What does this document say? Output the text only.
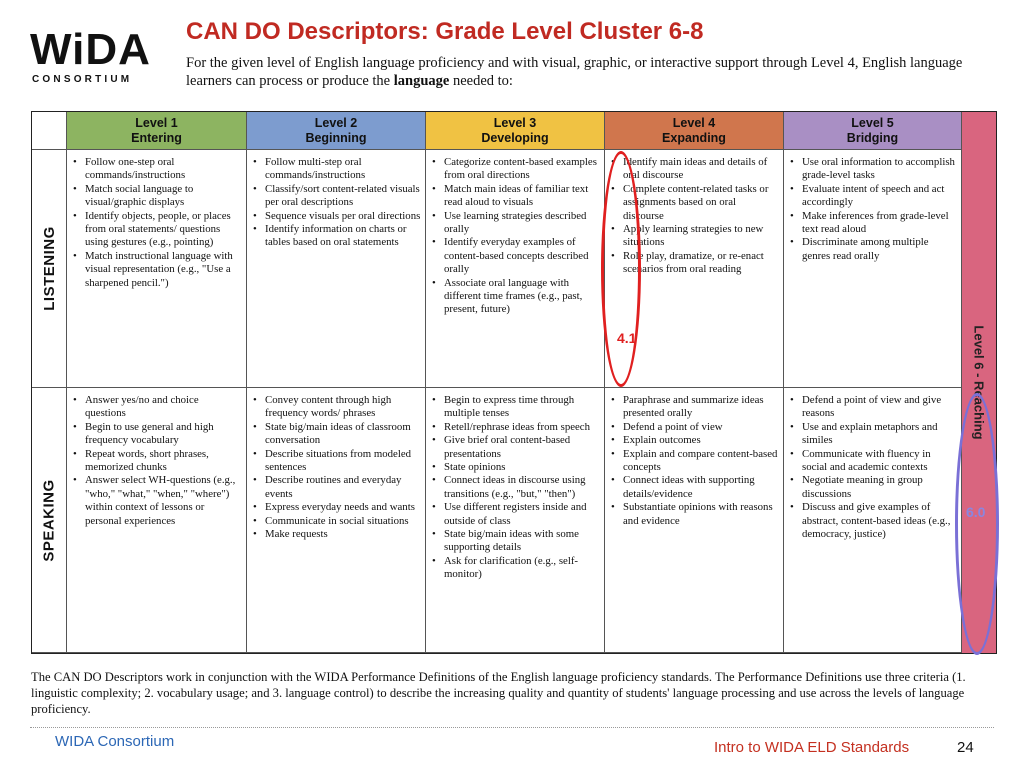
WiDA
CONSORTIUM
CAN DO Descriptors: Grade Level Cluster 6-8
For the given level of English language proficiency and with visual, graphic, or interactive support through Level 4, English language learners can process or produce the language needed to:
Level 6 - Reaching
Level 1
Entering
Level 2
Beginning
Level 3
Developing
Level 4
Expanding
Level 5
Bridging
LISTENING
• Follow one-step oral commands/instructions
• Match social language to visual/graphic displays
• Identify objects, people, or places from oral statements/ questions using gestures (e.g., pointing)
• Match instructional language with visual representation (e.g., "Use a sharpened pencil.")
• Follow multi-step oral commands/instructions
• Classify/sort content-related visuals per oral descriptions
• Sequence visuals per oral directions
• Identify information on charts or tables based on oral statements
• Categorize content-based examples from oral directions
• Match main ideas of familiar text read aloud to visuals
• Use learning strategies described orally
• Identify everyday examples of content-based concepts described orally
• Associate oral language with different time frames (e.g., past, present, future)
• Identify main ideas and details of oral discourse
• Complete content-related tasks or assignments based on oral discourse
• Apply learning strategies to new situations
• Role play, dramatize, or re-enact scenarios from oral reading
• Use oral information to accomplish grade-level tasks
• Evaluate intent of speech and act accordingly
• Make inferences from grade-level text read aloud
• Discriminate among multiple genres read orally
SPEAKING
• Answer yes/no and choice questions
• Begin to use general and high frequency vocabulary
• Repeat words, short phrases, memorized chunks
• Answer select WH-questions (e.g., "who," "what," "when," "where") within context of lessons or personal experiences
• Convey content through high frequency words/ phrases
• State big/main ideas of classroom conversation
• Describe situations from modeled sentences
• Describe routines and everyday events
• Express everyday needs and wants
• Communicate in social situations
• Make requests
• Begin to express time through multiple tenses
• Retell/rephrase ideas from speech
• Give brief oral content-based presentations
• State opinions
• Connect ideas in discourse using transitions (e.g., "but," "then")
• Use different registers inside and outside of class
• State big/main ideas with some supporting details
• Ask for clarification (e.g., self-monitor)
• Paraphrase and summarize ideas presented orally
• Defend a point of view
• Explain outcomes
• Explain and compare content-based concepts
• Connect ideas with supporting details/evidence
• Substantiate opinions with reasons and evidence
• Defend a point of view and give reasons
• Use and explain metaphors and similes
• Communicate with fluency in social and academic contexts
• Negotiate meaning in group discussions
• Discuss and give examples of abstract, content-based ideas (e.g., democracy, justice)
4.1
6.0
The CAN DO Descriptors work in conjunction with the WIDA Performance Definitions of the English language proficiency standards. The Performance Definitions use three criteria (1. linguistic complexity; 2. vocabulary usage; and 3. language control) to describe the increasing quality and quantity of students' language processing and use across the levels of language proficiency.
WIDA Consortium	Intro to WIDA ELD Standards	24
